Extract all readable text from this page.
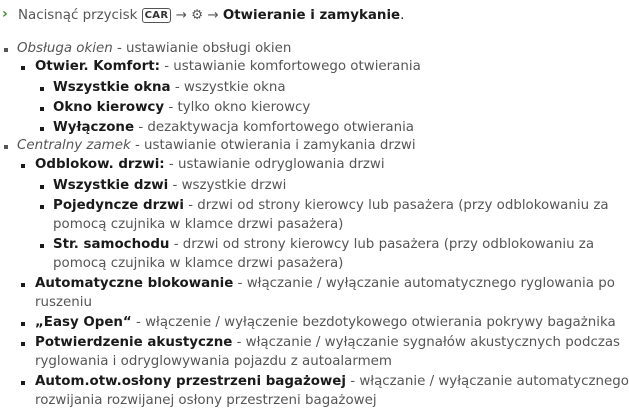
› Nacisnąć przycisk CAR → ⚙ → Otwieranie i zamykanie.
Obsługa okien - ustawianie obsługi okien
Otwier. Komfort: - ustawianie komfortowego otwierania
Wszystkie okna - wszystkie okna
Okno kierowcy - tylko okno kierowcy
Wyłączone - dezaktywacja komfortowego otwierania
Centralny zamek - ustawianie otwierania i zamykania drzwi
Odblokow. drzwi: - ustawianie odryglowania drzwi
Wszystkie dzwi - wszystkie drzwi
Pojedyncze drzwi - drzwi od strony kierowcy lub pasażera (przy odblokowaniu za
pomocą czujnika w klamce drzwi pasażera)
Str. samochodu - drzwi od strony kierowcy lub pasażera (przy odblokowaniu za
pomocą czujnika w klamce drzwi pasażera)
Automatyczne blokowanie - włączanie / wyłączanie automatycznego ryglowania po
ruszeniu
„Easy Open“ - włączenie / wyłączenie bezdotykowego otwierania pokrywy bagażnika
Potwierdzenie akustyczne - włączanie / wyłączanie sygnałów akustycznych podczas
ryglowania i odryglowywania pojazdu z autoalarmem
Autom.otw.osłony przestrzeni bagażowej - włączanie / wyłączanie automatycznego
rozwijania rozwijanej osłony przestrzeni bagażowej
